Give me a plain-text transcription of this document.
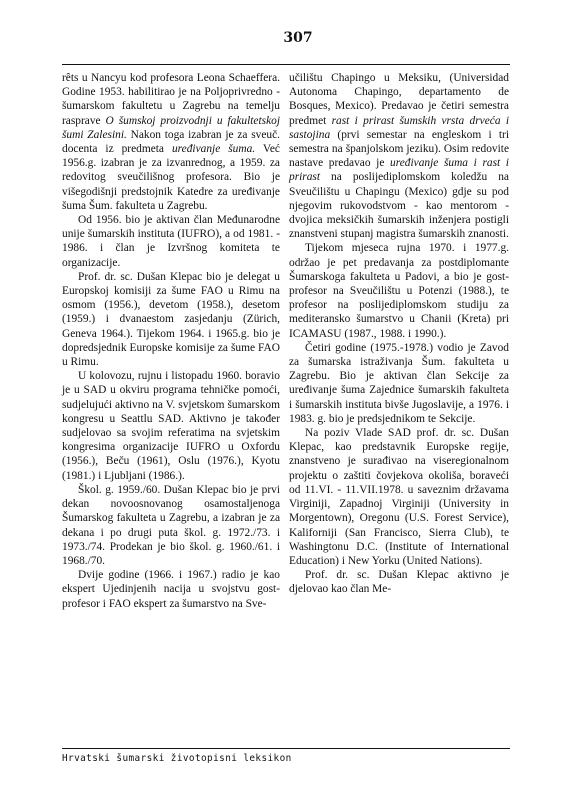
307

rêts u Nancyu kod profesora Leona Schaeffera. Godine 1953. habilitirao je na Poljoprivredno - šumarskom fakultetu u Zagrebu na temelju rasprave O šumskoj proizvodnji u fakultetskoj šumi Zalesini. Nakon toga izabran je za sveuč. docenta iz predmeta uređivanje šuma. Već 1956.g. izabran je za izvanrednog, a 1959. za redovitog sveučilišnog profesora. Bio je višegodišnji predstojnik Katedre za uređivanje šuma Šum. fakulteta u Zagrebu.

Od 1956. bio je aktivan član Međunarodne unije šumarskih instituta (IUFRO), a od 1981. - 1986. i član je Izvršnog komiteta te organizacije.

Prof. dr. sc. Dušan Klepac bio je delegat u Europskoj komisiji za šume FAO u Rimu na osmom (1956.), devetom (1958.), desetom (1959.) i dvanaestom zasjedanju (Zürich, Geneva 1964.). Tijekom 1964. i 1965.g. bio je dopredsjednik Europske komisije za šume FAO u Rimu.

U kolovozu, rujnu i listopadu 1960. boravio je u SAD u okviru programa tehničke pomoći, sudjelujući aktivno na V. svjetskom šumarskom kongresu u Seattlu SAD. Aktivno je također sudjelovao sa svojim referatima na svjetskim kongresima organizacije IUFRO u Oxfordu (1956.), Beču (1961), Oslu (1976.), Kyotu (1981.) i Ljubljani (1986.).

Škol. g. 1959./60. Dušan Klepac bio je prvi dekan novoosnovanog osamostaljenoga Šumarskog fakulteta u Zagrebu, a izabran je za dekana i po drugi puta škol. g. 1972./73. i 1973./74. Prodekan je bio škol. g. 1960./61. i 1968./70.

Dvije godine (1966. i 1967.) radio je kao ekspert Ujedinjenih nacija u svojstvu gost-profesor i FAO ekspert za šumarstvo na Sve-

učilištu Chapingo u Meksiku, (Universidad Autonoma Chapingo, departamento de Bosques, Mexico). Predavao je četiri semestra predmet rast i prirast šumskih vrsta drveća i sastojina (prvi semestar na engleskom i tri semestra na španjolskom jeziku). Osim redovite nastave predavao je uređivanje šuma i rast i prirast na poslijediplomskom koledžu na Sveučilištu u Chapingu (Mexico) gdje su pod njegovim rukovodstvom - kao mentorom - dvojica meksičkih šumarskih inženjera postigli znanstveni stupanj magistra šumarskih znanosti.

Tijekom mjeseca rujna 1970. i 1977.g. održao je pet predavanja za postdiplomante Šumarskoga fakulteta u Padovi, a bio je gost-profesor na Sveučilištu u Potenzi (1988.), te profesor na poslijediplomskom studiju za mediteransko šumarstvo u Chanii (Kreta) pri ICAMASU (1987., 1988. i 1990.).

Četiri godine (1975.-1978.) vodio je Zavod za šumarska istraživanja Šum. fakulteta u Zagrebu. Bio je aktivan član Sekcije za uređivanje šuma Zajednice šumarskih fakulteta i šumarskih instituta bivše Jugoslavije, a 1976. i 1983. g. bio je predsjednikom te Sekcije.

Na poziv Vlade SAD prof. dr. sc. Dušan Klepac, kao predstavnik Europske regije, znanstveno je surađivao na viseregionalnom projektu o zaštiti čovjekova okoliša, boraveći od 11.VI. - 11.VII.1978. u saveznim državama Virginiji, Zapadnoj Virginiji (University in Morgentown), Oregonu (U.S. Forest Service), Kaliforniji (San Francisco, Sierra Club), te Washingtonu D.C. (Institute of International Education) i New Yorku (United Nations).

Prof. dr. sc. Dušan Klepac aktivno je djelovao kao član Me-

Hrvatski šumarski životopisni leksikon
